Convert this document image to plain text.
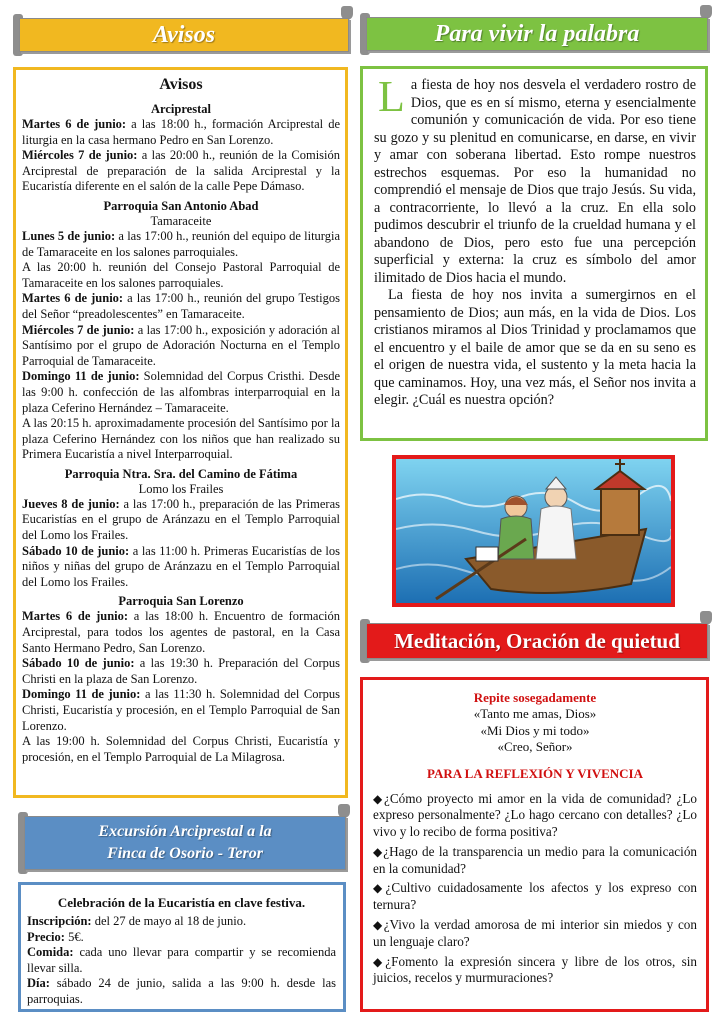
Avisos	Para vivir la palabra
Excursión Arciprestal a la
Finca de Osorio - Teror
Meditación, Oración de quietud
Avisos
Arciprestal

Martes 6 de junio: a las 18:00 h., formación Arciprestal de liturgia en la casa hermano Pedro en San Lorenzo.

Miércoles 7 de junio: a las 20:00 h., reunión de la Comisión Arciprestal de preparación de la salida Arciprestal y la Eucaristía diferente en el salón de la calle Pepe Dámaso.

Parroquia San Antonio Abad
Tamaraceite

Lunes 5 de junio: a las 17:00 h., reunión del equipo de liturgia de Tamaraceite en los salones parroquiales.

A las 20:00 h. reunión del Consejo Pastoral Parroquial de Tamaraceite en los salones parroquiales.

Martes 6 de junio: a las 17:00 h., reunión del grupo Testigos del Señor “preadolescentes” en Tamaraceite.

Miércoles 7 de junio: a las 17:00 h., exposición y adoración al Santísimo por el grupo de Adoración Nocturna en el Templo Parroquial de Tamaraceite.

Domingo 11 de junio: Solemnidad del Corpus Cristhi. Desde las 9:00 h. confección de las alfombras interparroquial en la plaza Ceferino Hernández – Tamaraceite.

A las 20:15 h. aproximadamente procesión del Santísimo por la plaza Ceferino Hernández con los niños que han realizado su Primera Eucaristía a nivel Interparroquial.

Parroquia Ntra. Sra. del Camino de Fátima
Lomo los Frailes

Jueves 8 de junio: a las 17:00 h., preparación de las Primeras Eucaristías en el grupo de Aránzazu en el Templo Parroquial del Lomo los Frailes.

Sábado 10 de junio: a las 11:00 h. Primeras Eucaristías de los niños y niñas del grupo de Aránzazu en el Templo Parroquial del Lomo los Frailes.

Parroquia San Lorenzo

Martes 6 de junio: a las 18:00 h. Encuentro de formación Arciprestal, para todos los agentes de pastoral, en la Casa Santo Hermano Pedro, San Lorenzo.

Sábado 10 de junio: a las 19:30 h. Preparación del Corpus Christi en la plaza de San Lorenzo.

Domingo 11 de junio: a las 11:30 h. Solemnidad del Corpus Christi, Eucaristía y procesión, en el Templo Parroquial de San Lorenzo.

A las 19:00 h. Solemnidad del Corpus Christi, Eucaristía y procesión, en el Templo Parroquial de La Milagrosa.

Celebración de la Eucaristía en clave festiva.

Inscripción: del 27 de mayo al 18 de junio.

Precio: 5€.

Comida: cada uno llevar para compartir y se recomienda llevar silla.

Día: sábado 24 de junio, salida a las 9:00 h. desde las parroquias.

La fiesta de hoy nos desvela el verdadero rostro de Dios, que es en sí mismo, eterna y esencialmente comunión y comunicación de vida. Por eso tiene su gozo y su plenitud en comunicarse, en darse, en vivir y amar con soberana libertad. Esto rompe nuestros estrechos esquemas. Por eso la humanidad no comprendió el mensaje de Dios que trajo Jesús. Su vida, a contracorriente, lo llevó a la cruz. En ella solo pudimos descubrir el triunfo de la crueldad humana y el abandono de Dios, pero esto fue una percepción superficial y externa: la cruz es símbolo del amor ilimitado de Dios hacia el mundo.

La fiesta de hoy nos invita a sumergirnos en el pensamiento de Dios; aun más, en la vida de Dios. Los cristianos miramos al Dios Trinidad y proclamamos que el encuentro y el baile de amor que se da en su seno es el origen de nuestra vida, el sustento y la meta hacia la que caminamos. Hoy, una vez más, el Señor nos invita a elegir. ¿Cuál es nuestra opción?

Repite sosegadamente
«Tanto me amas, Dios»
«Mi Dios y mi todo»
«Creo, Señor»
PARA LA REFLEXIÓN Y VIVENCIA

◆¿Cómo proyecto mi amor en la vida de comunidad? ¿Lo expreso personalmente? ¿Lo hago cercano con detalles? ¿Lo vivo y lo recibo de forma positiva?

◆¿Hago de la transparencia un medio para la comunicación en la comunidad?

◆¿Cultivo cuidadosamente los afectos y los expreso con ternura?

◆¿Vivo la verdad amorosa de mi interior sin miedos y con un lenguaje claro?

◆¿Fomento la expresión sincera y libre de los otros, sin juicios, recelos y murmuraciones?
